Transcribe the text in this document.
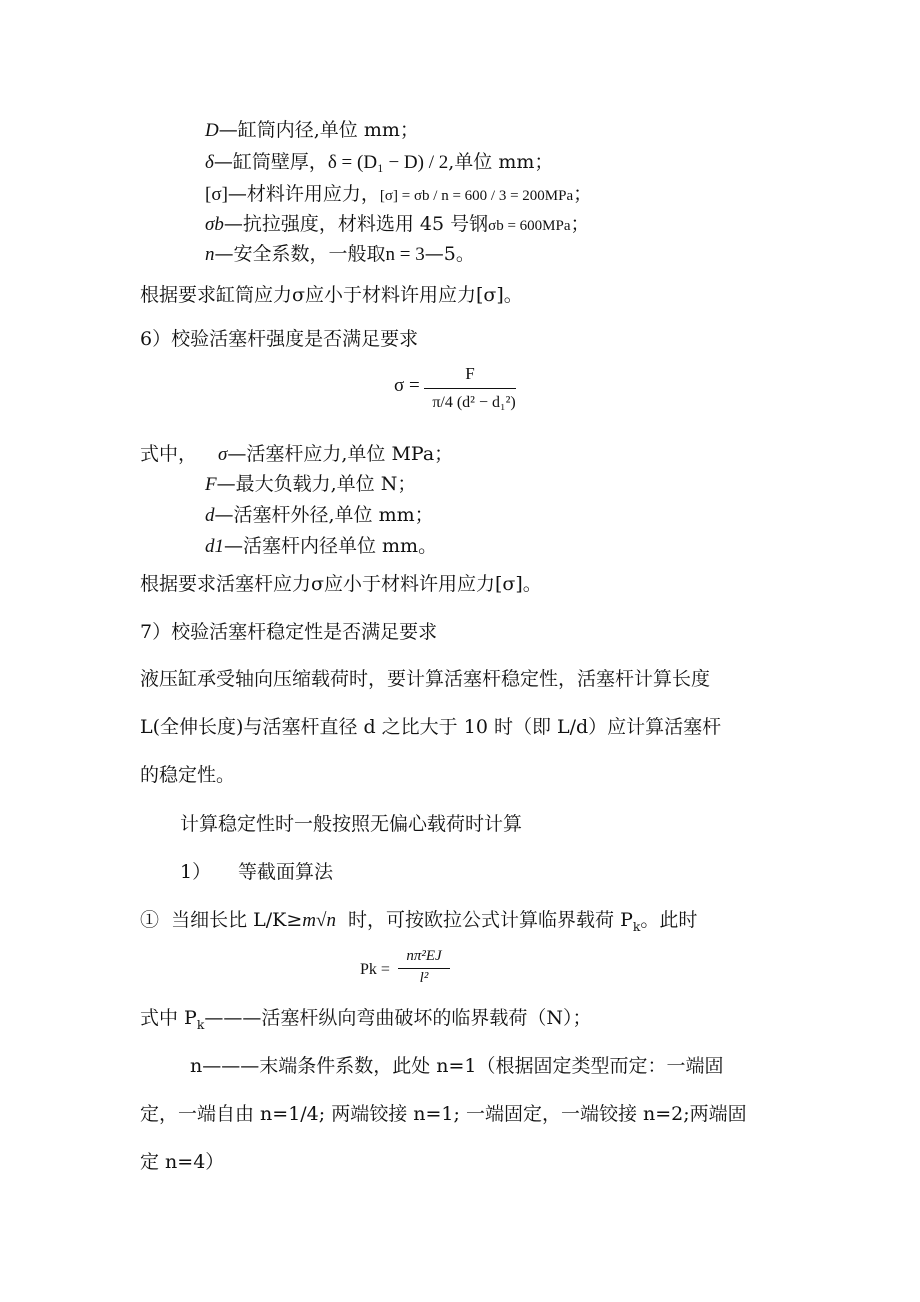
D—缸筒内径,单位 mm；
δ—缸筒壁厚，δ = (D₁ − D) / 2,单位 mm；
[σ]—材料许用应力，[σ] = σb / n = 600 / 3 = 200MPa；
σb—抗拉强度，材料选用 45 号钢σb = 600MPa；
n—安全系数，一般取n = 3—5。
根据要求缸筒应力σ应小于材料许用应力[σ]。
6）校验活塞杆强度是否满足要求
σ =
F
π/4 (d² − d₁²)
式中， σ—活塞杆应力,单位 MPa；
F—最大负载力,单位 N；
d—活塞杆外径,单位 mm；
d1—活塞杆内径单位 mm。
根据要求活塞杆应力σ应小于材料许用应力[σ]。
7）校验活塞杆稳定性是否满足要求
液压缸承受轴向压缩载荷时，要计算活塞杆稳定性，活塞杆计算长度
L(全伸长度)与活塞杆直径 d 之比大于 10 时（即 L/d）应计算活塞杆
的稳定性。
计算稳定性时一般按照无偏心载荷时计算
1） 等截面算法
① 当细长比 L/K≥m√n 时，可按欧拉公式计算临界载荷 $P_k$。此时
Pk =
nπ²EJ
l²
式中 $P_k———$活塞杆纵向弯曲破坏的临界载荷（N）；
n———末端条件系数，此处 n=1（根据固定类型而定：一端固
定，一端自由 n=1/4; 两端铰接 n=1; 一端固定，一端铰接 n=2;两端固
定 n=4）
